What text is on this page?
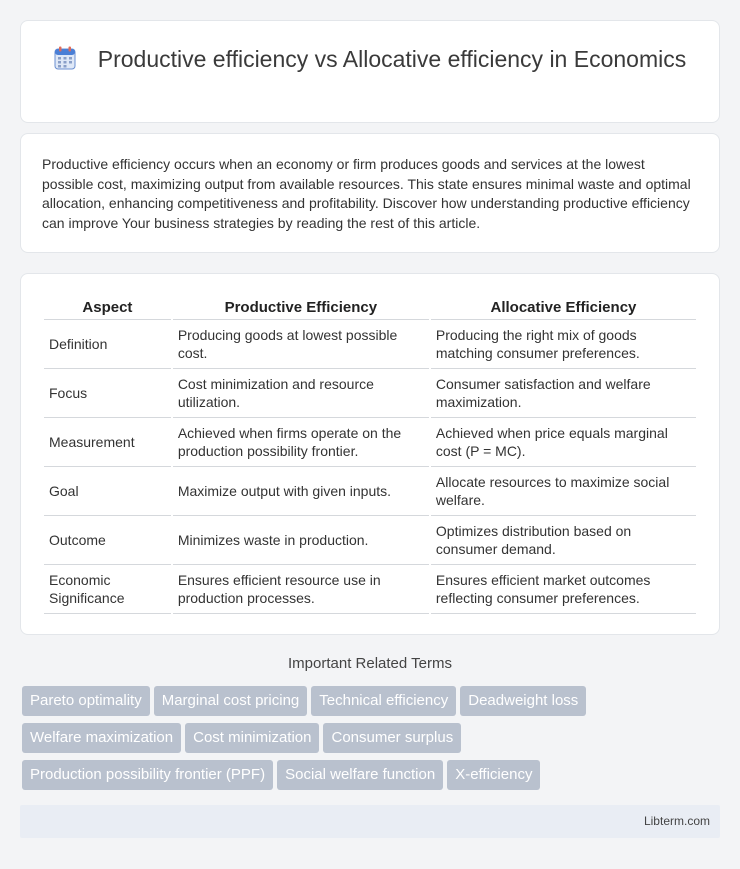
Productive efficiency vs Allocative efficiency in Economics

Productive efficiency occurs when an economy or firm produces goods and services at the lowest possible cost, maximizing output from available resources. This state ensures minimal waste and optimal allocation, enhancing competitiveness and profitability. Discover how understanding productive efficiency can improve Your business strategies by reading the rest of this article.

Aspect	Productive Efficiency	Allocative Efficiency
Definition	Producing goods at lowest possible cost.	Producing the right mix of goods matching consumer preferences.
Focus	Cost minimization and resource utilization.	Consumer satisfaction and welfare maximization.
Measurement	Achieved when firms operate on the production possibility frontier.	Achieved when price equals marginal cost (P = MC).
Goal	Maximize output with given inputs.	Allocate resources to maximize social welfare.
Outcome	Minimizes waste in production.	Optimizes distribution based on consumer demand.
Economic Significance	Ensures efficient resource use in production processes.	Ensures efficient market outcomes reflecting consumer preferences.
Important Related Terms
Pareto optimality Marginal cost pricing Technical efficiency Deadweight loss
Welfare maximization Cost minimization Consumer surplus
Production possibility frontier (PPF) Social welfare function X-efficiency
Libterm.com
